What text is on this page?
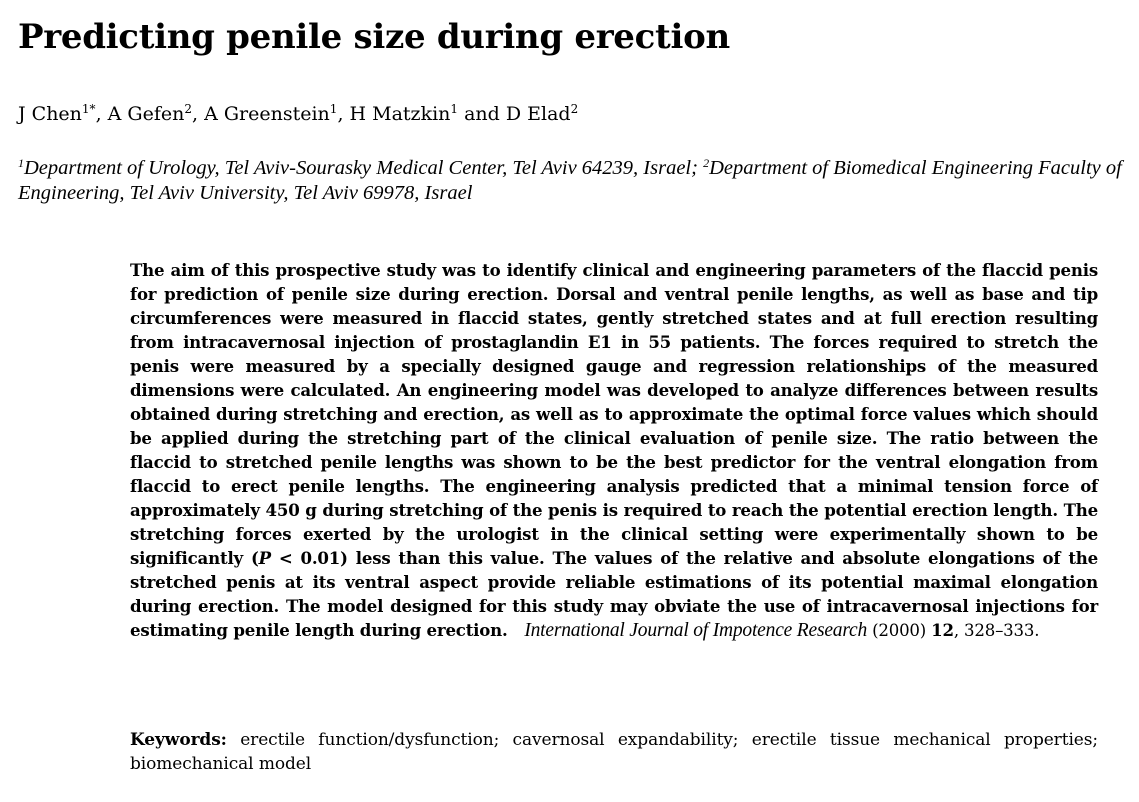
Predicting penile size during erection
J Chen$^{1*}$, A Gefen$^2$, A Greenstein$^1$, H Matzkin$^1$ and D Elad$^2$
$^1$Department of Urology, Tel Aviv-Sourasky Medical Center, Tel Aviv 64239, Israel; $^2$Department of Biomedical Engineering Faculty of Engineering, Tel Aviv University, Tel Aviv 69978, Israel
The aim of this prospective study was to identify clinical and engineering parameters of the flaccid penis for prediction of penile size during erection. Dorsal and ventral penile lengths, as well as base and tip circumferences were measured in flaccid states, gently stretched states and at full erection resulting from intracavernosal injection of prostaglandin E1 in 55 patients. The forces required to stretch the penis were measured by a specially designed gauge and regression relationships of the measured dimensions were calculated. An engineering model was developed to analyze differences between results obtained during stretching and erection, as well as to approximate the optimal force values which should be applied during the stretching part of the clinical evaluation of penile size. The ratio between the flaccid to stretched penile lengths was shown to be the best predictor for the ventral elongation from flaccid to erect penile lengths. The engineering analysis predicted that a minimal tension force of approximately 450 g during stretching of the penis is required to reach the potential erection length. The stretching forces exerted by the urologist in the clinical setting were experimentally shown to be significantly (P < 0.01) less than this value. The values of the relative and absolute elongations of the stretched penis at its ventral aspect provide reliable estimations of its potential maximal elongation during erection. The model designed for this study may obviate the use of intracavernosal injections for estimating penile length during erection. International Journal of Impotence Research (2000) 12, 328–333.
Keywords: erectile function/dysfunction; cavernosal expandability; erectile tissue mechanical properties; biomechanical model
